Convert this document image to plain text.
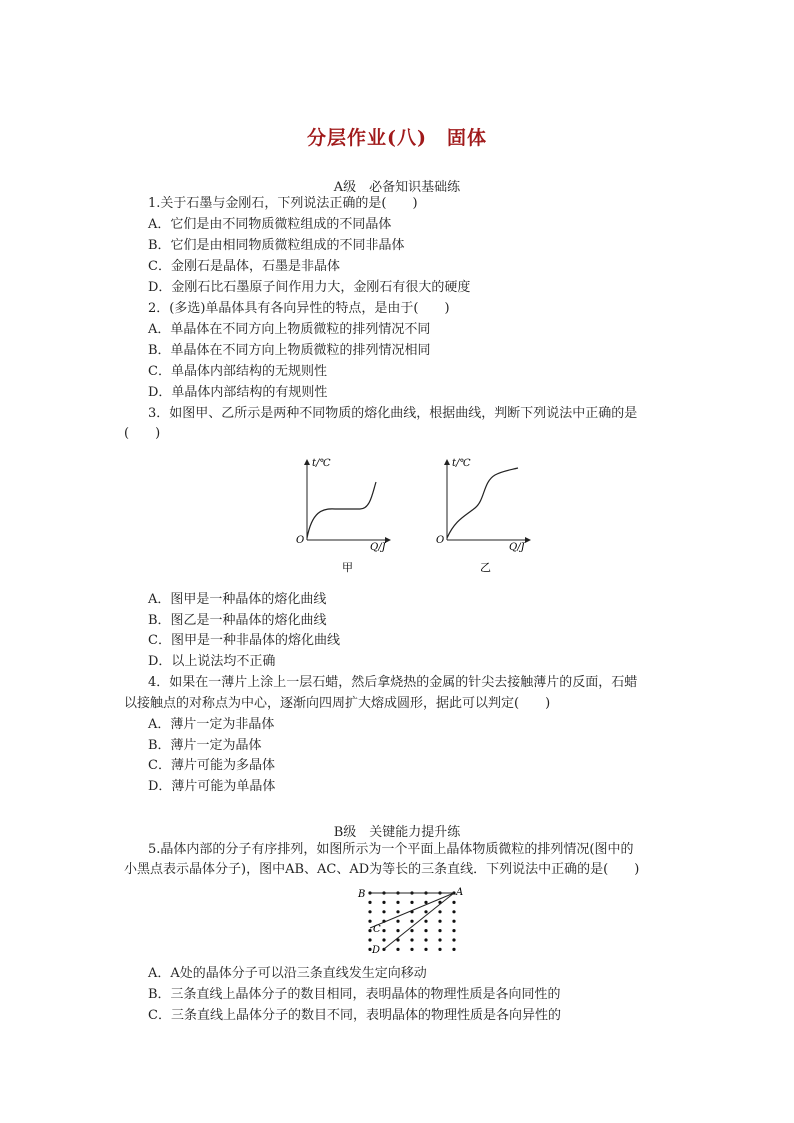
分层作业(八)　固体
A级　必备知识基础练
1.关于石墨与金刚石，下列说法正确的是(　　)
A．它们是由不同物质微粒组成的不同晶体
B．它们是由相同物质微粒组成的不同非晶体
C．金刚石是晶体，石墨是非晶体
D．金刚石比石墨原子间作用力大，金刚石有很大的硬度
2．(多选)单晶体具有各向异性的特点，是由于(　　)
A．单晶体在不同方向上物质微粒的排列情况不同
B．单晶体在不同方向上物质微粒的排列情况相同
C．单晶体内部结构的无规则性
D．单晶体内部结构的有规则性
3．如图甲、乙所示是两种不同物质的熔化曲线，根据曲线，判断下列说法中正确的是
(　　)
t/℃
O
Q/J
甲
t/℃
O
Q/J
乙
A．图甲是一种晶体的熔化曲线
B．图乙是一种晶体的熔化曲线
C．图甲是一种非晶体的熔化曲线
D．以上说法均不正确
4．如果在一薄片上涂上一层石蜡，然后拿烧热的金属的针尖去接触薄片的反面，石蜡
以接触点的对称点为中心，逐渐向四周扩大熔成圆形，据此可以判定(　　)
A．薄片一定为非晶体
B．薄片一定为晶体
C．薄片可能为多晶体
D．薄片可能为单晶体
B级　关键能力提升练
5.晶体内部的分子有序排列，如图所示为一个平面上晶体物质微粒的排列情况(图中的
小黑点表示晶体分子)，图中AB、AC、AD为等长的三条直线．下列说法中正确的是(　　)
A
B
C
D
A．A处的晶体分子可以沿三条直线发生定向移动
B．三条直线上晶体分子的数目相同，表明晶体的物理性质是各向同性的
C．三条直线上晶体分子的数目不同，表明晶体的物理性质是各向异性的
